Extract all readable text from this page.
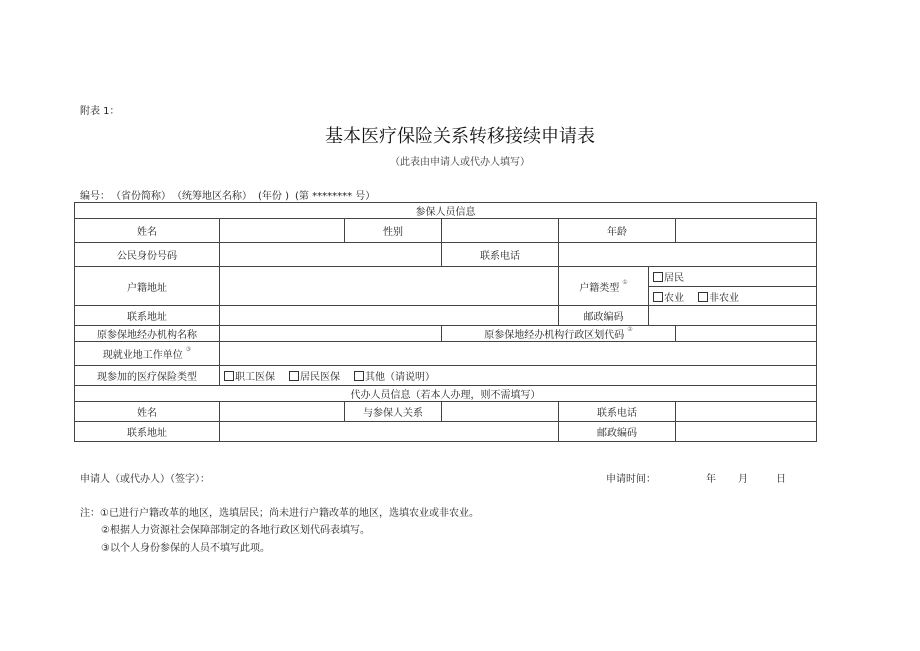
附表 1：
基本医疗保险关系转移接续申请表
（此表由申请人或代办人填写）
编号： （省份简称） （统筹地区名称） (年份 ) (第 ******** 号）
参保人员信息						
姓名		性别		年龄		
公民身份号码			联系电话			
户籍地址				户籍类型①	居民	
					农业 非农业	
联系地址				邮政编码		
原参保地经办机构名称			原参保地经办机构行政区划代码②	
现就业地工作单位③	
现参加的医疗保险类型	职工医保 居民医保 其他（请说明）					
代办人员信息（若本人办理，则不需填写）						
姓名		与参保人关系		联系电话		
联系地址				邮政编码		
申请人（或代办人）（签字）：	申请时间：	年 月	日
注：①已进行户籍改革的地区，选填居民；尚未进行户籍改革的地区，选填农业或非农业。
②根据人力资源社会保障部制定的各地行政区划代码表填写。
③以个人身份参保的人员不填写此项。
